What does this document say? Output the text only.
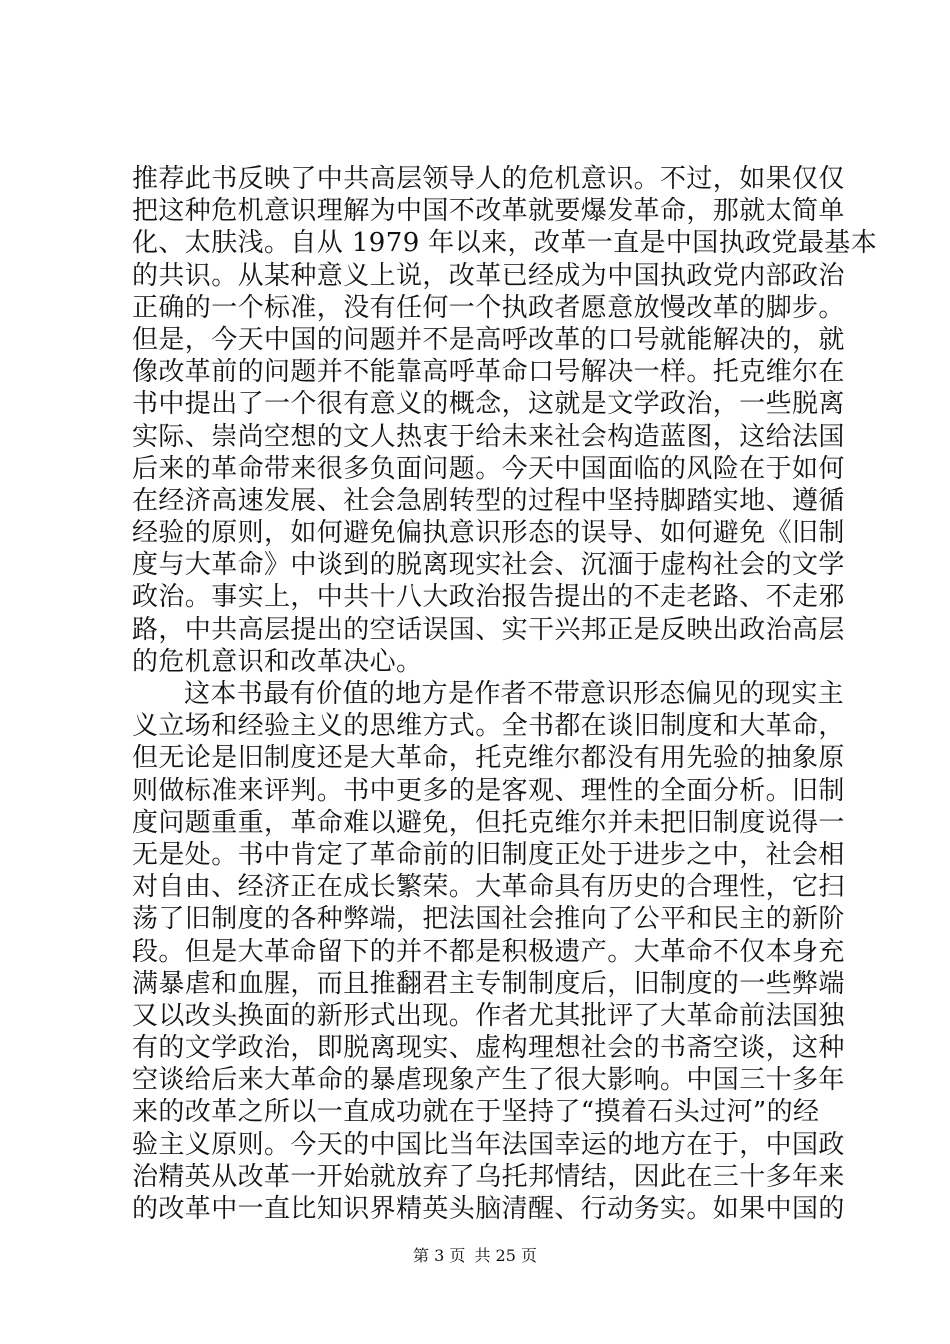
推荐此书反映了中共高层领导人的危机意识。不过，如果仅仅
把这种危机意识理解为中国不改革就要爆发革命，那就太简单
化、太肤浅。自从 1979 年以来，改革一直是中国执政党最基本
的共识。从某种意义上说，改革已经成为中国执政党内部政治
正确的一个标准，没有任何一个执政者愿意放慢改革的脚步。
但是，今天中国的问题并不是高呼改革的口号就能解决的，就
像改革前的问题并不能靠高呼革命口号解决一样。托克维尔在
书中提出了一个很有意义的概念，这就是文学政治，一些脱离
实际、崇尚空想的文人热衷于给未来社会构造蓝图，这给法国
后来的革命带来很多负面问题。今天中国面临的风险在于如何
在经济高速发展、社会急剧转型的过程中坚持脚踏实地、遵循
经验的原则，如何避免偏执意识形态的误导、如何避免《旧制
度与大革命》中谈到的脱离现实社会、沉湎于虚构社会的文学
政治。事实上，中共十八大政治报告提出的不走老路、不走邪
路，中共高层提出的空话误国、实干兴邦正是反映出政治高层
的危机意识和改革决心。
这本书最有价值的地方是作者不带意识形态偏见的现实主
义立场和经验主义的思维方式。全书都在谈旧制度和大革命，
但无论是旧制度还是大革命，托克维尔都没有用先验的抽象原
则做标准来评判。书中更多的是客观、理性的全面分析。旧制
度问题重重，革命难以避免，但托克维尔并未把旧制度说得一
无是处。书中肯定了革命前的旧制度正处于进步之中，社会相
对自由、经济正在成长繁荣。大革命具有历史的合理性，它扫
荡了旧制度的各种弊端，把法国社会推向了公平和民主的新阶
段。但是大革命留下的并不都是积极遗产。大革命不仅本身充
满暴虐和血腥，而且推翻君主专制制度后，旧制度的一些弊端
又以改头换面的新形式出现。作者尤其批评了大革命前法国独
有的文学政治，即脱离现实、虚构理想社会的书斋空谈，这种
空谈给后来大革命的暴虐现象产生了很大影响。中国三十多年
来的改革之所以一直成功就在于坚持了“摸着石头过河”的经
验主义原则。今天的中国比当年法国幸运的地方在于，中国政
治精英从改革一开始就放弃了乌托邦情结，因此在三十多年来
的改革中一直比知识界精英头脑清醒、行动务实。如果中国的
第 3 页 共 25 页
